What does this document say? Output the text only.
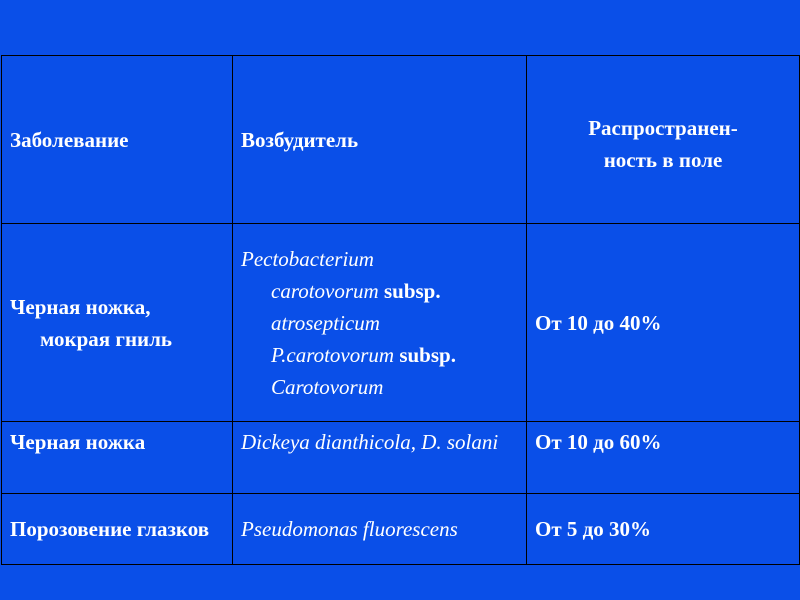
Заболевание	Возбудитель	Распространен-
ность в поле

Черная ножка, мокрая гниль	Pectobacterium
carotovorum subsp.
atrosepticum
P.carotovorum subsp.
Carotovorum	От 10 до 40%

Черная ножка	Dickeya dianthicola, D. solani	От 10 до 60%

Порозовение глазков	Pseudomonas fluorescens	От 5 до 30%
